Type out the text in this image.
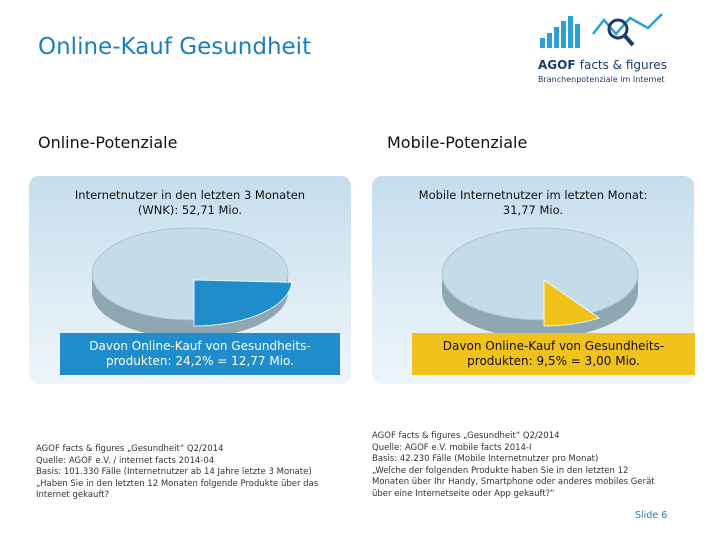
Online-Kauf Gesundheit
AGOF facts & figures
Branchenpotenziale im Internet
Online-Potenziale	Mobile-Potenziale
Internetnutzer in den letzten 3 Monaten
(WNK): 52,71 Mio.
Mobile Internetnutzer im letzten Monat:
31,77 Mio.
Davon Online-Kauf von Gesundheits-
produkten: 24,2% = 12,77 Mio.
Davon Online-Kauf von Gesundheits-
produkten: 9,5% = 3,00 Mio.
AGOF facts & figures „Gesundheit“ Q2/2014
Quelle: AGOF e.V. / internet facts 2014-04
Basis: 101.330 Fälle (Internetnutzer ab 14 Jahre letzte 3 Monate)
„Haben Sie in den letzten 12 Monaten folgende Produkte über das
Internet gekauft?
AGOF facts & figures „Gesundheit“ Q2/2014
Quelle: AGOF e.V. mobile facts 2014-I
Basis: 42.230 Fälle (Mobile Internetnutzer pro Monat)
„Welche der folgenden Produkte haben Sie in den letzten 12
Monaten über Ihr Handy, Smartphone oder anderes mobiles Gerät
über eine Internetseite oder App gekauft?“
Slide 6
